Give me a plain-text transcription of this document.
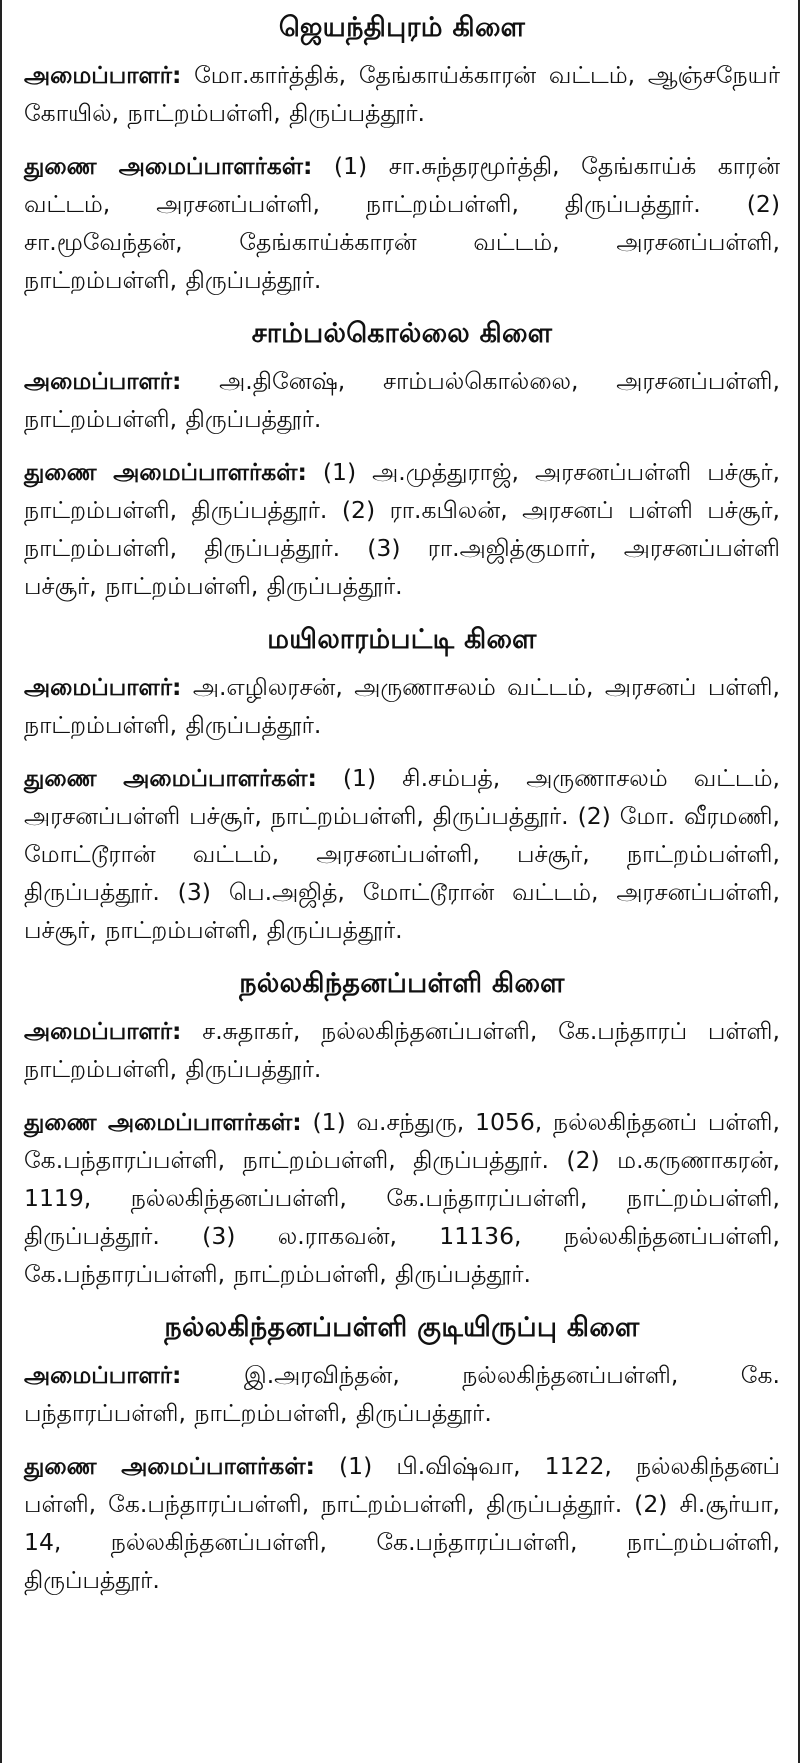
ஜெயந்திபுரம் கிளை

அமைப்பாளர்: மோ.கார்த்திக், தேங்காய்க்காரன் வட்டம், ஆஞ்சநேயர் கோயில், நாட்றம்பள்ளி, திருப்பத்தூர்.

துணை அமைப்பாளர்கள்: (1) சா.சுந்தரமூர்த்தி, தேங்காய்க் காரன் வட்டம், அரசனப்பள்ளி, நாட்றம்பள்ளி, திருப்பத்தூர். (2) சா.மூவேந்தன், தேங்காய்க்காரன் வட்டம், அரசனப்பள்ளி, நாட்றம்பள்ளி, திருப்பத்தூர்.

சாம்பல்கொல்லை கிளை

அமைப்பாளர்: அ.தினேஷ், சாம்பல்கொல்லை, அரசனப்பள்ளி, நாட்றம்பள்ளி, திருப்பத்தூர்.

துணை அமைப்பாளர்கள்: (1) அ.முத்துராஜ், அரசனப்பள்ளி பச்சூர், நாட்றம்பள்ளி, திருப்பத்தூர். (2) ரா.கபிலன், அரசனப் பள்ளி பச்சூர், நாட்றம்பள்ளி, திருப்பத்தூர். (3) ரா.அஜித்குமார், அரசனப்பள்ளி பச்சூர், நாட்றம்பள்ளி, திருப்பத்தூர்.

மயிலாரம்பட்டி கிளை

அமைப்பாளர்: அ.எழிலரசன், அருணாசலம் வட்டம், அரசனப் பள்ளி, நாட்றம்பள்ளி, திருப்பத்தூர்.

துணை அமைப்பாளர்கள்: (1) சி.சம்பத், அருணாசலம் வட்டம், அரசனப்பள்ளி பச்சூர், நாட்றம்பள்ளி, திருப்பத்தூர். (2) மோ. வீரமணி, மோட்டூரான் வட்டம், அரசனப்பள்ளி, பச்சூர், நாட்றம்பள்ளி, திருப்பத்தூர். (3) பெ.அஜித், மோட்டூரான் வட்டம், அரசனப்பள்ளி, பச்சூர், நாட்றம்பள்ளி, திருப்பத்தூர்.

நல்லகிந்தனப்பள்ளி கிளை

அமைப்பாளர்: ச.சுதாகர், நல்லகிந்தனப்பள்ளி, கே.பந்தாரப் பள்ளி, நாட்றம்பள்ளி, திருப்பத்தூர்.

துணை அமைப்பாளர்கள்: (1) வ.சந்துரு, 1056, நல்லகிந்தனப் பள்ளி, கே.பந்தாரப்பள்ளி, நாட்றம்பள்ளி, திருப்பத்தூர். (2) ம.கருணாகரன், 1119, நல்லகிந்தனப்பள்ளி, கே.பந்தாரப்பள்ளி, நாட்றம்பள்ளி, திருப்பத்தூர். (3) ல.ராகவன், 11136, நல்லகிந்தனப்பள்ளி, கே.பந்தாரப்பள்ளி, நாட்றம்பள்ளி, திருப்பத்தூர்.

நல்லகிந்தனப்பள்ளி குடியிருப்பு கிளை

அமைப்பாளர்:	இ.அரவிந்தன், நல்லகிந்தனப்பள்ளி, கே. பந்தாரப்பள்ளி, நாட்றம்பள்ளி, திருப்பத்தூர்.

துணை அமைப்பாளர்கள்: (1) பி.விஷ்வா, 1122, நல்லகிந்தனப் பள்ளி, கே.பந்தாரப்பள்ளி, நாட்றம்பள்ளி, திருப்பத்தூர். (2) சி.சூர்யா, 14, நல்லகிந்தனப்பள்ளி, கே.பந்தாரப்பள்ளி, நாட்றம்பள்ளி, திருப்பத்தூர்.
